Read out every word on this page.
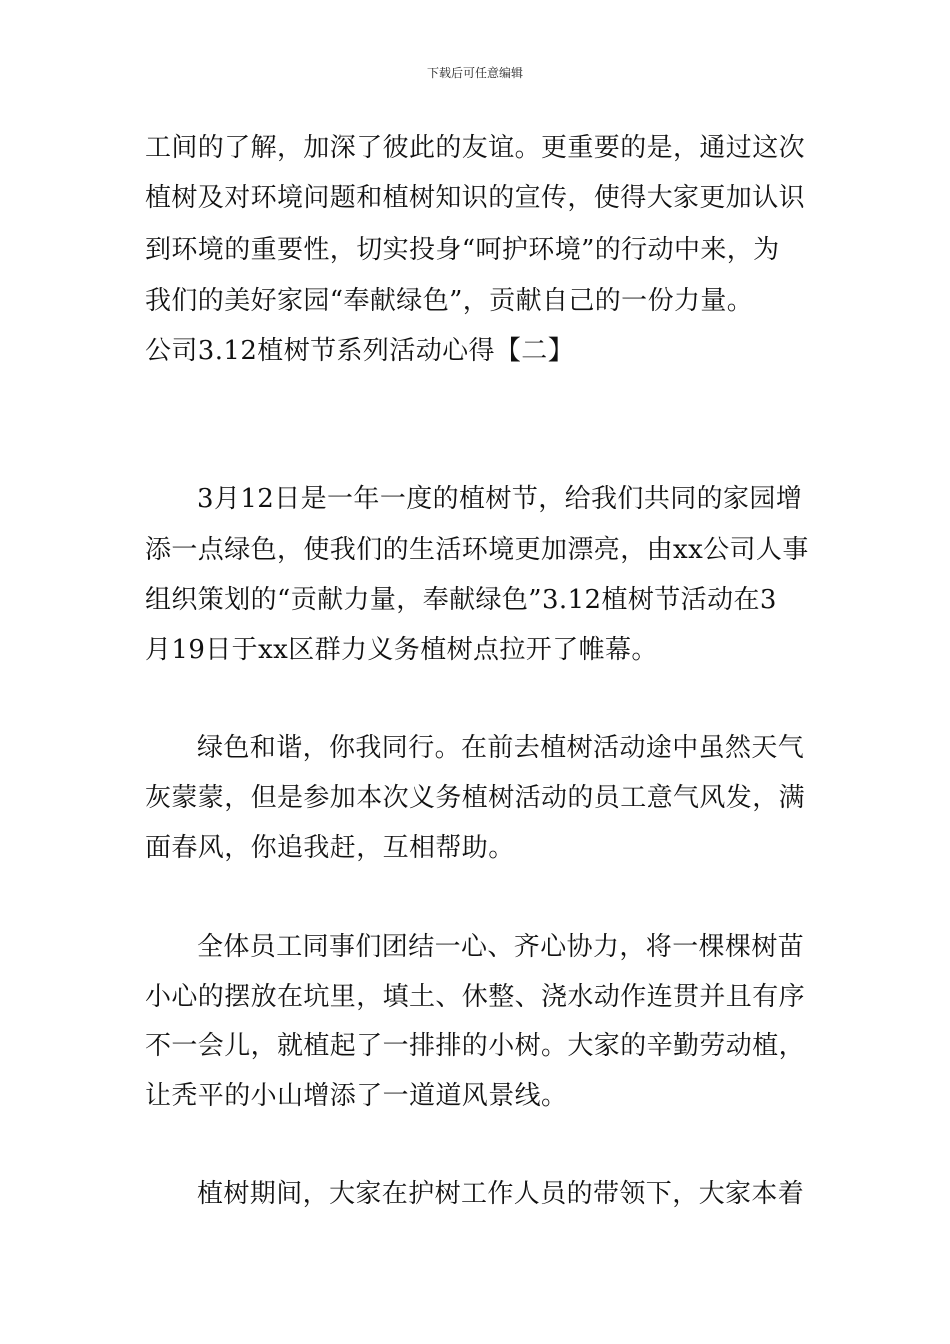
下载后可任意编辑
工间的了解，加深了彼此的友谊。更重要的是，通过这次
植树及对环境问题和植树知识的宣传，使得大家更加认识
到环境的重要性，切实投身“呵护环境”的行动中来，为
我们的美好家园“奉献绿色”，贡献自己的一份力量。
公司3.12植树节系列活动心得【二】
3月12日是一年一度的植树节，给我们共同的家园增
添一点绿色，使我们的生活环境更加漂亮，由xx公司人事
组织策划的“贡献力量，奉献绿色”3.12植树节活动在3
月19日于xx区群力义务植树点拉开了帷幕。
绿色和谐，你我同行。在前去植树活动途中虽然天气
灰蒙蒙，但是参加本次义务植树活动的员工意气风发，满
面春风，你追我赶，互相帮助。
全体员工同事们团结一心、齐心协力，将一棵棵树苗
小心的摆放在坑里，填土、休整、浇水动作连贯并且有序
不一会儿，就植起了一排排的小树。大家的辛勤劳动植，
让秃平的小山增添了一道道风景线。
植树期间，大家在护树工作人员的带领下，大家本着
